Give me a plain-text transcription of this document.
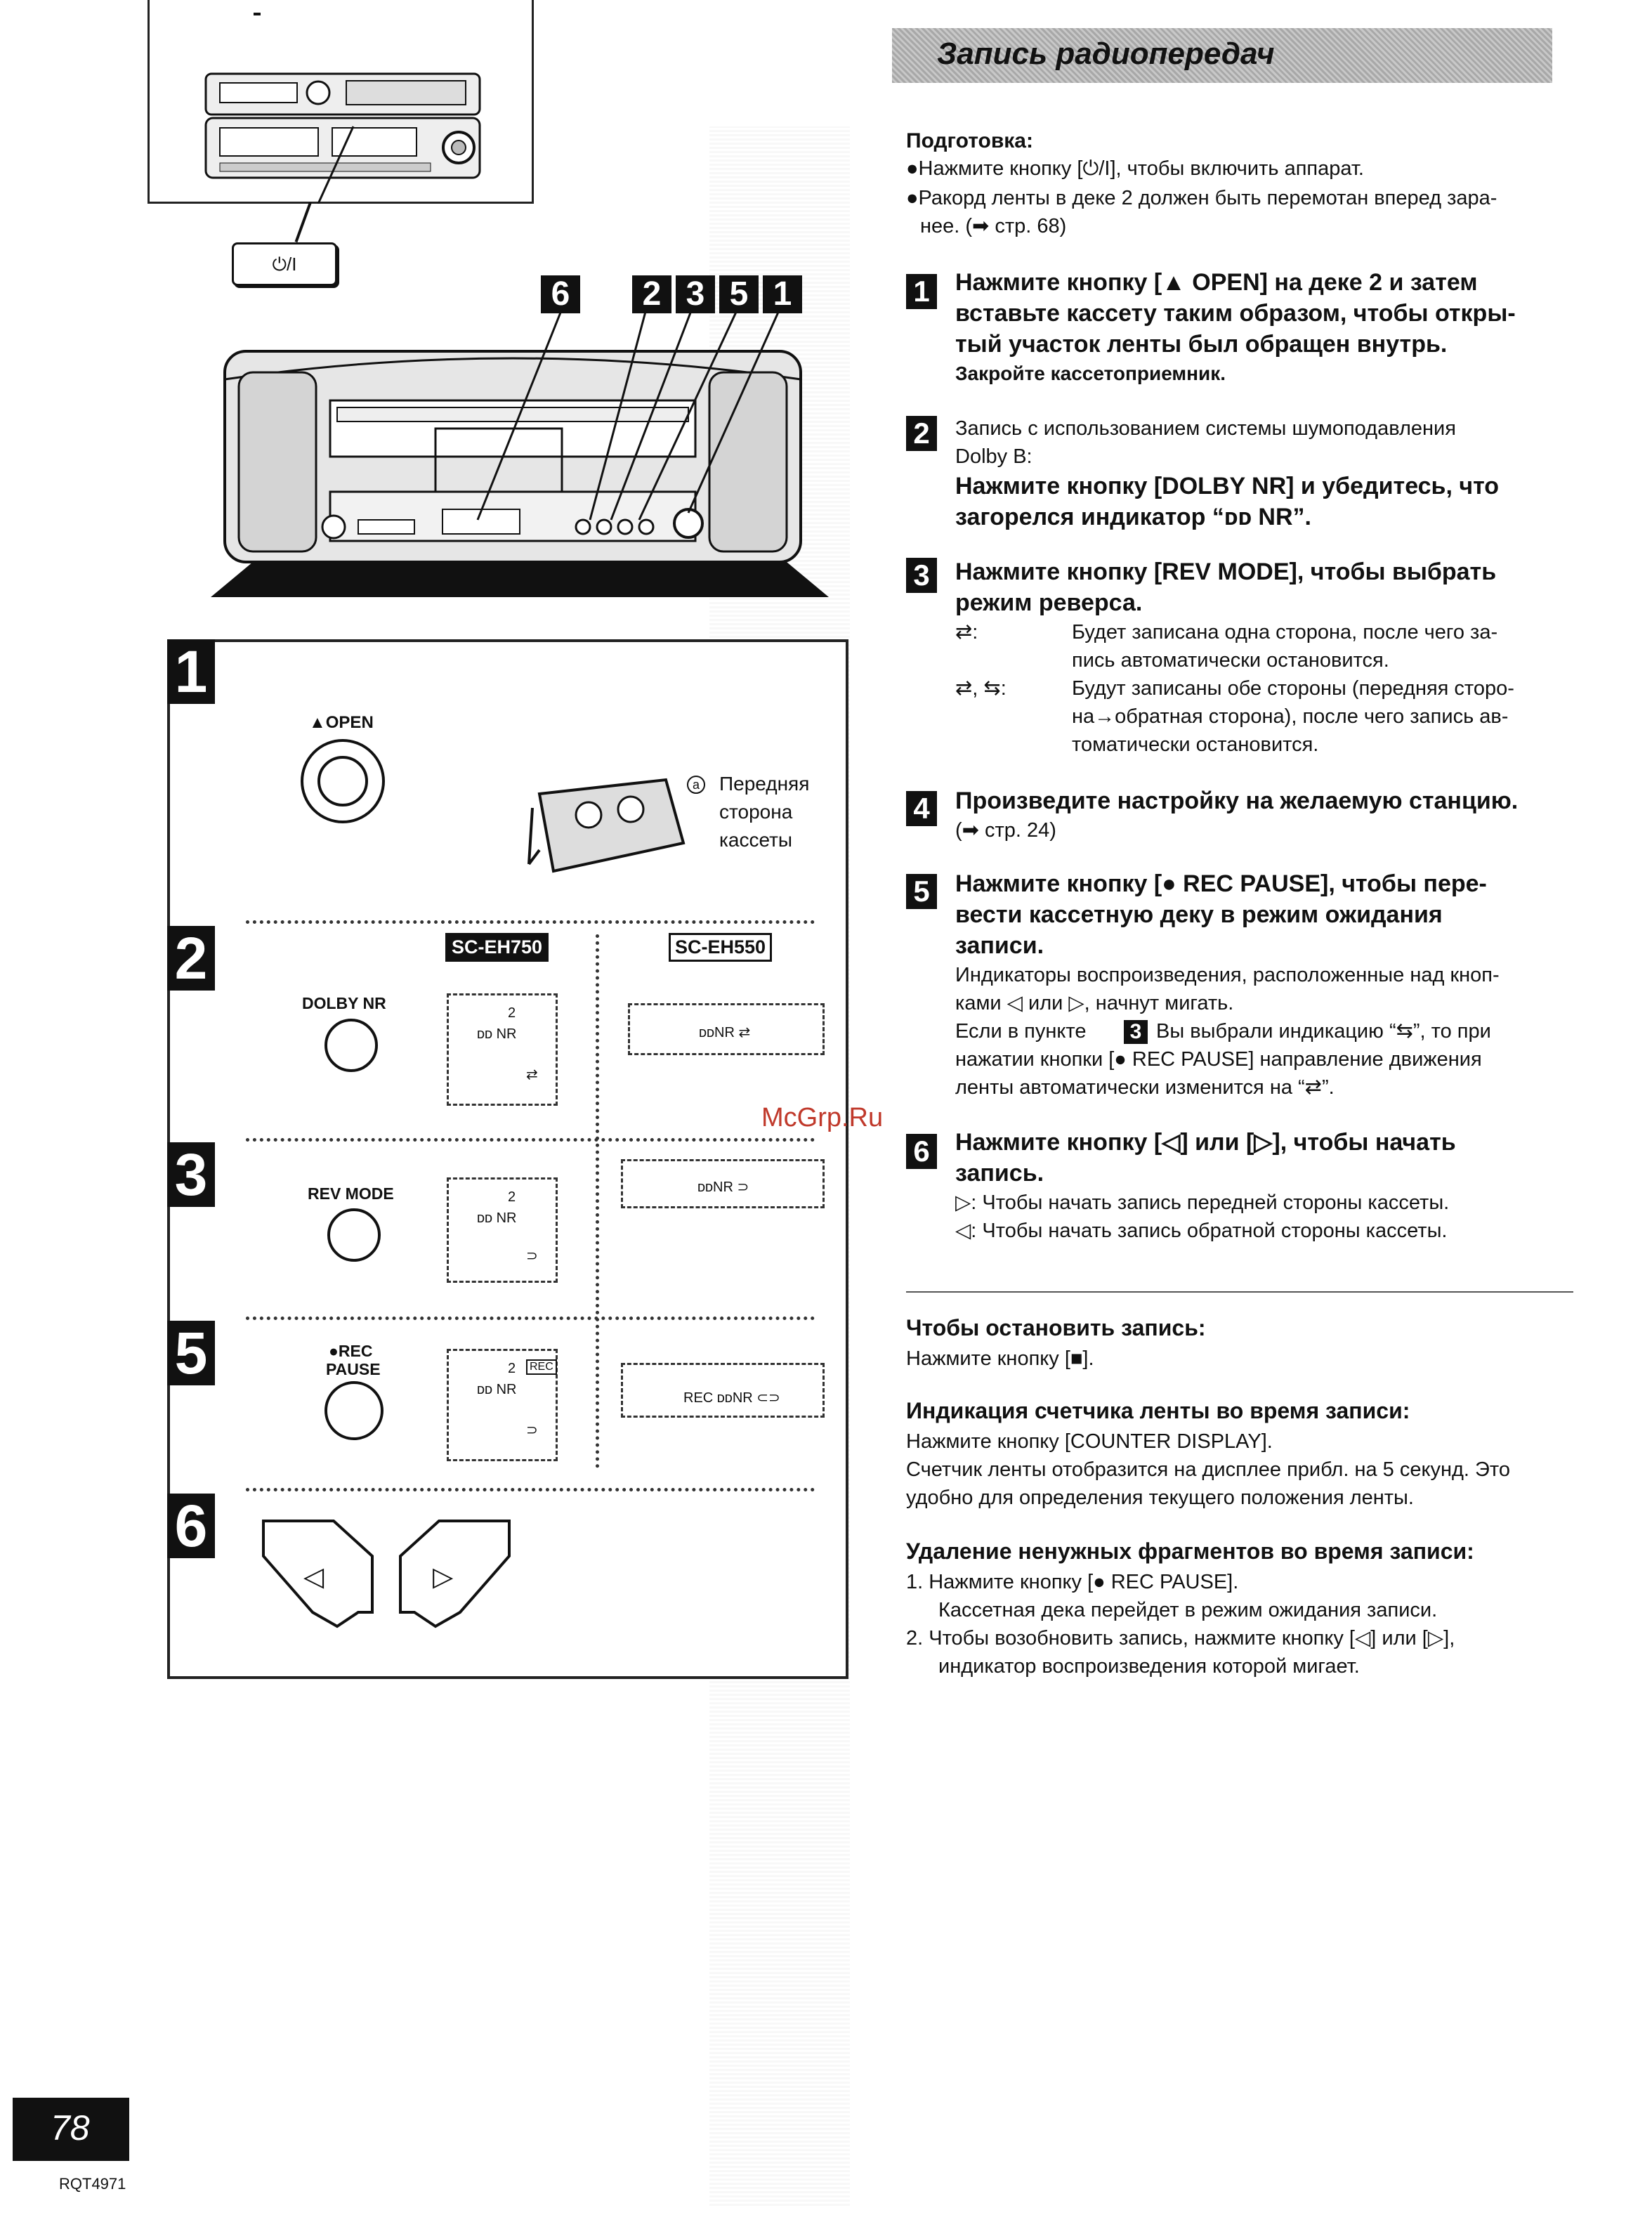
⏻/I
6	2 3 5 1
1
▲OPEN
a Передняя
сторона
кассеты
2	SC-EH750	SC-EH550
DOLBY NR
2
ᴅᴅ NR
⇄
ᴅᴅNR ⇄
3	REV MODE	2
ᴅᴅ NR
⊃
ᴅᴅNR ⊃
5	●REC
PAUSE	2	REC
ᴅᴅ NR
⊃
REC ᴅᴅNR ⊂⊃
6
◁	▷
Запись радиопередач
Подготовка:
●Нажмите кнопку [⏻/I], чтобы включить аппарат.
●Ракорд ленты в деке 2 должен быть перемотан вперед зара-
нее. (➡ стр. 68)
1	Нажмите кнопку [▲ OPEN] на деке 2 и затем
вставьте кассету таким образом, чтобы откры-
тый участок ленты был обращен внутрь.
Закройте кассетоприемник.
2	Запись с использованием системы шумоподавления
Dolby B:
Нажмите кнопку [DOLBY NR] и убедитесь, что
загорелся индикатор “ᴅᴅ NR”.
3	Нажмите кнопку [REV MODE], чтобы выбрать
режим реверса.
⇄:	Будет записана одна сторона, после чего за-
пись автоматически остановится.
⇄, ⇆:	Будут записаны обе стороны (передняя сторо-
на→обратная сторона), после чего запись ав-
томатически остановится.
4	Произведите настройку на желаемую станцию.
(➡ стр. 24)
5	Нажмите кнопку [● REC PAUSE], чтобы пере-
вести кассетную деку в режим ожидания
записи.
Индикаторы воспроизведения, расположенные над кноп-
ками ◁ или ▷, начнут мигать.
Если в пункте 3 Вы выбрали индикацию “⇆”, то при
нажатии кнопки [● REC PAUSE] направление движения
ленты автоматически изменится на “⇄”.
McGrp.Ru
6	Нажмите кнопку [◁] или [▷], чтобы начать
запись.
▷: Чтобы начать запись передней стороны кассеты.
◁: Чтобы начать запись обратной стороны кассеты.
Чтобы остановить запись:
Нажмите кнопку [■].
Индикация счетчика ленты во время записи:
Нажмите кнопку [COUNTER DISPLAY].
Счетчик ленты отобразится на дисплее прибл. на 5 секунд. Это
удобно для определения текущего положения ленты.
Удаление ненужных фрагментов во время записи:
1. Нажмите кнопку [● REC PAUSE].
Кассетная дека перейдет в режим ожидания записи.
2. Чтобы возобновить запись, нажмите кнопку [◁] или [▷],
индикатор воспроизведения которой мигает.
78
RQT4971
